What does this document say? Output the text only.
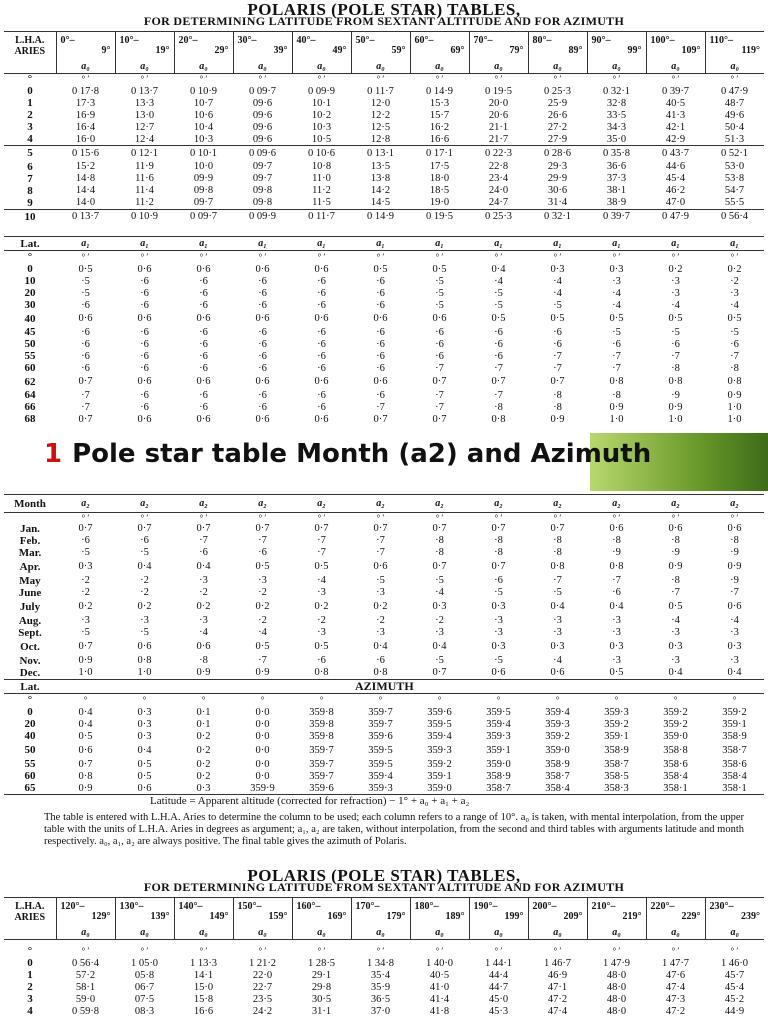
POLARIS (POLE STAR) TABLES,
FOR DETERMINING LATITUDE FROM SEXTANT ALTITUDE AND FOR AZIMUTH
L.H.A.
ARIES	0°–
9°	10°–
19°	20°–
29°	30°–
39°	40°–
49°	50°–
59°	60°–
69°	70°–
79°	80°–
89°	90°–
99°	100°–
109°	110°–
119°

	a₀	a₀	a₀	a₀	a₀	a₀	a₀	a₀	a₀	a₀	a₀	a₀
°	° ′	° ′	° ′	° ′	° ′	° ′	° ′	° ′	° ′	° ′	° ′	° ′
0	0 17·8	0 13·7	0 10·9	0 09·7	0 09·9	0 11·7	0 14·9	0 19·5	0 25·3	0 32·1	0 39·7	0 47·9
1	17·3	13·3	10·7	09·6	10·1	12·0	15·3	20·0	25·9	32·8	40·5	48·7
2	16·9	13·0	10·6	09·6	10·2	12·2	15·7	20·6	26·6	33·5	41·3	49·6
3	16·4	12·7	10·4	09·6	10·3	12·5	16·2	21·1	27·2	34·3	42·1	50·4
4	16·0	12·4	10·3	09·6	10·5	12·8	16·6	21·7	27·9	35·0	42·9	51·3
5	0 15·6	0 12·1	0 10·1	0 09·6	0 10·6	0 13·1	0 17·1	0 22·3	0 28·6	0 35·8	0 43·7	0 52·1
6	15·2	11·9	10·0	09·7	10·8	13·5	17·5	22·8	29·3	36·6	44·6	53·0
7	14·8	11·6	09·9	09·7	11·0	13·8	18·0	23·4	29·9	37·3	45·4	53·8
8	14·4	11·4	09·8	09·8	11·2	14·2	18·5	24·0	30·6	38·1	46·2	54·7
9	14·0	11·2	09·7	09·8	11·5	14·5	19·0	24·7	31·4	38·9	47·0	55·5
10	0 13·7	0 10·9	0 09·7	0 09·9	0 11·7	0 14·9	0 19·5	0 25·3	0 32·1	0 39·7	0 47·9	0 56·4
Lat.	a₁	a₁	a₁	a₁	a₁	a₁	a₁	a₁	a₁	a₁	a₁	a₁
°	° ′	° ′	° ′	° ′	° ′	° ′	° ′	° ′	° ′	° ′	° ′	° ′
0	0·5	0·6	0·6	0·6	0·6	0·5	0·5	0·4	0·3	0·3	0·2	0·2
10	·5	·6	·6	·6	·6	·6	·5	·4	·4	·3	·3	·2
20	·5	·6	·6	·6	·6	·6	·5	·5	·4	·4	·3	·3
30	·6	·6	·6	·6	·6	·6	·5	·5	·5	·4	·4	·4
40	0·6	0·6	0·6	0·6	0·6	0·6	0·6	0·5	0·5	0·5	0·5	0·5
45	·6	·6	·6	·6	·6	·6	·6	·6	·6	·5	·5	·5
50	·6	·6	·6	·6	·6	·6	·6	·6	·6	·6	·6	·6
55	·6	·6	·6	·6	·6	·6	·6	·6	·7	·7	·7	·7
60	·6	·6	·6	·6	·6	·6	·7	·7	·7	·7	·8	·8
62	0·7	0·6	0·6	0·6	0·6	0·6	0·7	0·7	0·7	0·8	0·8	0·8
64	·7	·6	·6	·6	·6	·6	·7	·7	·8	·8	·9	0·9
66	·7	·6	·6	·6	·6	·7	·7	·8	·8	0·9	0·9	1·0
68	0·7	0·6	0·6	0·6	0·6	0·7	0·7	0·8	0·9	1·0	1·0	1·0
1 Pole star table Month (a2) and Azimuth
Month	a₂	a₂	a₂	a₂	a₂	a₂	a₂	a₂	a₂	a₂	a₂	a₂
	° ′	° ′	° ′	° ′	° ′	° ′	° ′	° ′	° ′	° ′	° ′	° ′
Jan.	0·7	0·7	0·7	0·7	0·7	0·7	0·7	0·7	0·7	0·6	0·6	0·6
Feb.	·6	·6	·7	·7	·7	·7	·8	·8	·8	·8	·8	·8
Mar.	·5	·5	·6	·6	·7	·7	·8	·8	·8	·9	·9	·9
Apr.	0·3	0·4	0·4	0·5	0·5	0·6	0·7	0·7	0·8	0·8	0·9	0·9
May	·2	·2	·3	·3	·4	·5	·5	·6	·7	·7	·8	·9
June	·2	·2	·2	·2	·3	·3	·4	·5	·5	·6	·7	·7
July	0·2	0·2	0·2	0·2	0·2	0·2	0·3	0·3	0·4	0·4	0·5	0·6
Aug.	·3	·3	·3	·2	·2	·2	·2	·3	·3	·3	·4	·4
Sept.	·5	·5	·4	·4	·3	·3	·3	·3	·3	·3	·3	·3
Oct.	0·7	0·6	0·6	0·5	0·5	0·4	0·4	0·3	0·3	0·3	0·3	0·3
Nov.	0·9	0·8	·8	·7	·6	·6	·5	·5	·4	·3	·3	·3
Dec.	1·0	1·0	0·9	0·9	0·8	0·8	0·7	0·6	0·6	0·5	0·4	0·4
AZIMUTH
Lat.												
°	°	°	°	°	°	°	°	°	°	°	°	°
0	0·4	0·3	0·1	0·0	359·8	359·7	359·6	359·5	359·4	359·3	359·2	359·2
20	0·4	0·3	0·1	0·0	359·8	359·7	359·5	359·4	359·3	359·2	359·2	359·1
40	0·5	0·3	0·2	0·0	359·8	359·6	359·4	359·3	359·2	359·1	359·0	358·9
50	0·6	0·4	0·2	0·0	359·7	359·5	359·3	359·1	359·0	358·9	358·8	358·7
55	0·7	0·5	0·2	0·0	359·7	359·5	359·2	359·0	358·9	358·7	358·6	358·6
60	0·8	0·5	0·2	0·0	359·7	359·4	359·1	358·9	358·7	358·5	358·4	358·4
65	0·9	0·6	0·3	359·9	359·6	359·3	359·0	358·7	358·4	358·3	358·1	358·1
Latitude = Apparent altitude (corrected for refraction) − 1° + a₀ + a₁ + a₂
The table is entered with L.H.A. Aries to determine the column to be used; each column refers to a range of 10°. a₀ is taken, with mental interpolation, from the upper table with the units of L.H.A. Aries in degrees as argument; a₁, a₂ are taken, without interpolation, from the second and third tables with arguments latitude and month respectively. a₀, a₁, a₂ are always positive. The final table gives the azimuth of Polaris.
POLARIS (POLE STAR) TABLES,
FOR DETERMINING LATITUDE FROM SEXTANT ALTITUDE AND FOR AZIMUTH
L.H.A.
ARIES	120°–
129°	130°–
139°	140°–
149°	150°–
159°	160°–
169°	170°–
179°	180°–
189°	190°–
199°	200°–
209°	210°–
219°	220°–
229°	230°–
239°

	a₀	a₀	a₀	a₀	a₀	a₀	a₀	a₀	a₀	a₀	a₀	a₀
°	° ′	° ′	° ′	° ′	° ′	° ′	° ′	° ′	° ′	° ′	° ′	° ′
0	0 56·4	1 05·0	1 13·3	1 21·2	1 28·5	1 34·8	1 40·0	1 44·1	1 46·7	1 47·9	1 47·7	1 46·0
1	57·2	05·8	14·1	22·0	29·1	35·4	40·5	44·4	46·9	48·0	47·6	45·7
2	58·1	06·7	15·0	22·7	29·8	35·9	41·0	44·7	47·1	48·0	47·4	45·4
3	59·0	07·5	15·8	23·5	30·5	36·5	41·4	45·0	47·2	48·0	47·3	45·2
4	0 59·8	08·3	16·6	24·2	31·1	37·0	41·8	45·3	47·4	48·0	47·2	44·9
